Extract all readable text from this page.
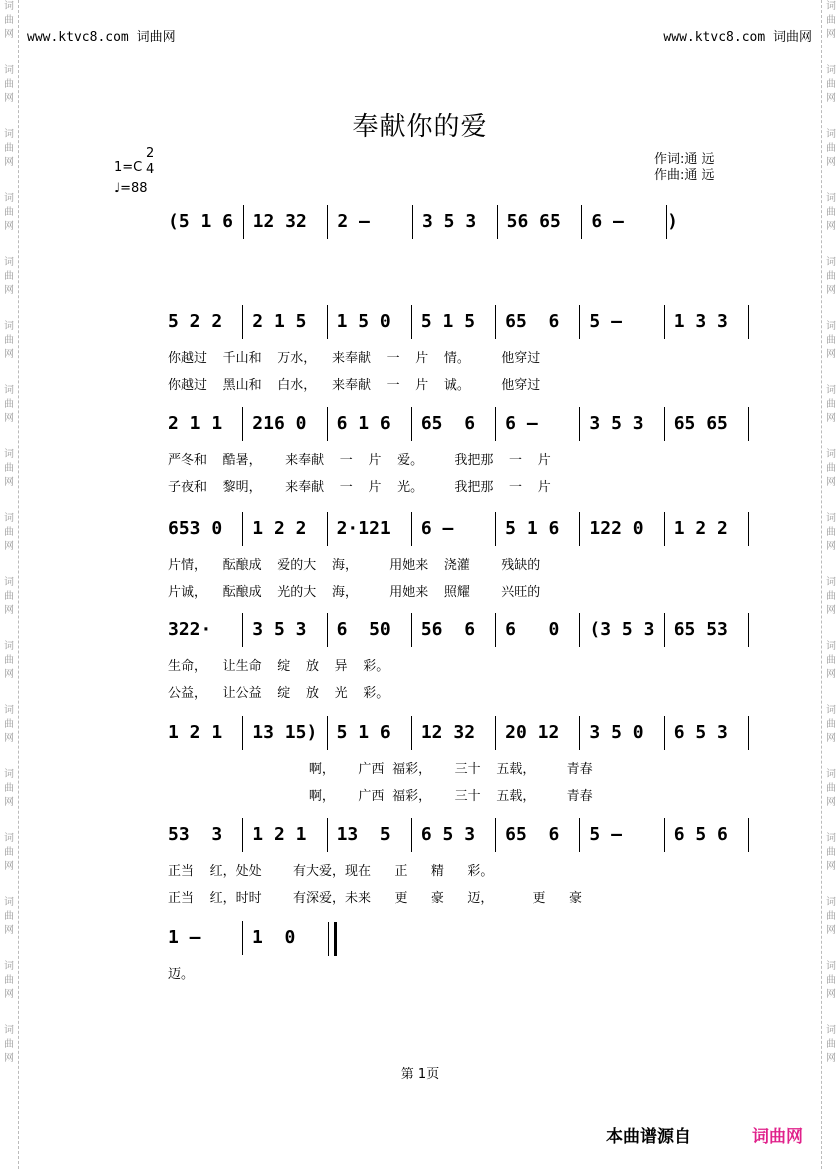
词
曲
网
词
曲
网
词
曲
网
词
曲
网
词
曲
网
词
曲
网
词
曲
网
词
曲
网
词
曲
网
词
曲
网
词
曲
网
词
曲
网
词
曲
网
词
曲
网
词
曲
网
词
曲
网
词
曲
网
词
曲
网
词
曲
网
词
曲
网
词
曲
网
词
曲
网
词
曲
网
词
曲
网
词
曲
网
词
曲
网
词
曲
网
词
曲
网
词
曲
网
词
曲
网
词
曲
网
词
曲
网
词
曲
网
词
曲
网
www.ktvc8.com 词曲网	www.ktvc8.com 词曲网
奉献你的爱
1=C
2
4
♩=88
作词:通 远
作曲:通 远
(5 1 6 12 32 2 –	3 5 3 56 65 6 –    )
5 2 2 2 1 5 1 5 0 5 1 5 65  6 5 –	1 3 3
你越过  千山和  万水，  来奉献  一  片  情。    他穿过
你越过  黑山和  白水，  来奉献  一  片  诚。    他穿过
2 1 1 216 0 6 1 6 65  6 6 –	3 5 3 65 65
严冬和  酷暑，   来奉献  一  片  爱。    我把那  一  片
子夜和  黎明，   来奉献  一  片  光。    我把那  一  片
653 0 1 2 2 2·121 6 –	5 1 6 122 0 1 2 2
片情，  酝酿成  爱的大  海，    用她来  浇灌    残缺的
片诚，  酝酿成  光的大  海，    用她来  照耀    兴旺的
322· 3 5 3 6  50 56  6 6   0 (3 5 3 65 53
生命，  让生命  绽  放  异  彩。
公益，  让公益  绽  放  光  彩。
1 2 1 13 15) 5 1 6 12 32 20 12 3 5 0 6 5 3
啊，   广西 福彩，   三十  五载，    青春
啊，   广西 福彩，   三十  五载，    青春
53  3 1 2 1 13  5 6 5 3 65  6 5 –	6 5 6
正当  红，处处    有大爱，现在   正   精   彩。
正当  红，时时    有深爱，未来   更   豪   迈，     更   豪
1 –	1  0
迈。
第 1页
本曲谱源自	词曲网
